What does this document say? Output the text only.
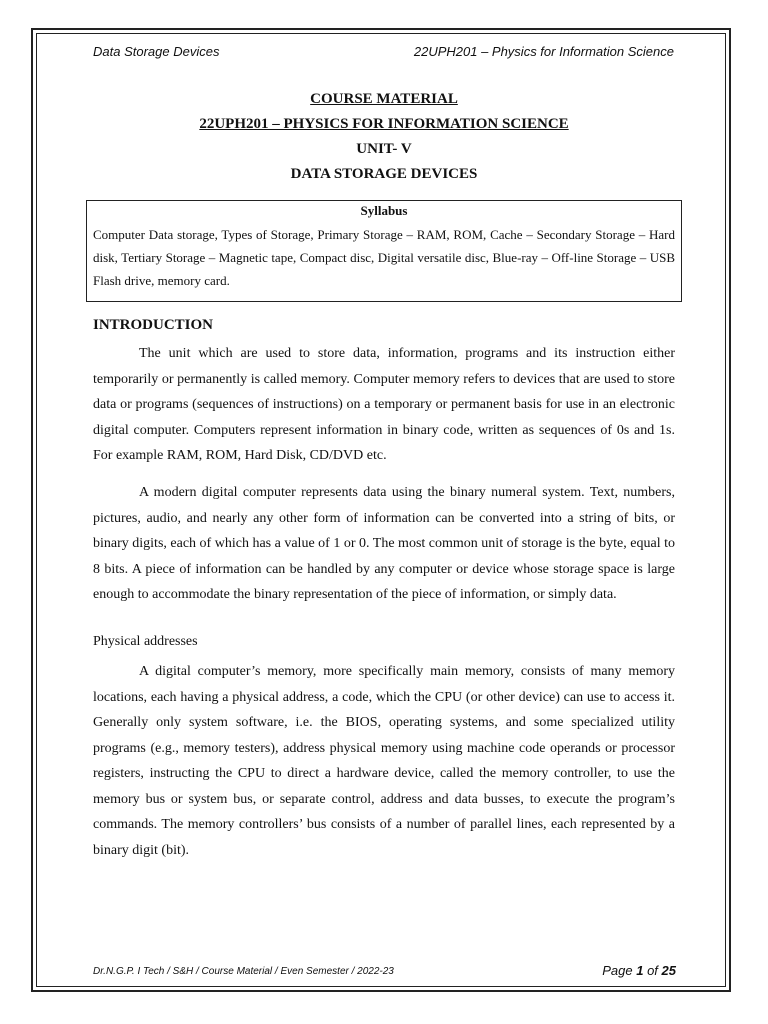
Data Storage Devices	22UPH201 – Physics for Information Science
COURSE MATERIAL
22UPH201 – PHYSICS FOR INFORMATION SCIENCE
UNIT- V
DATA STORAGE DEVICES
Syllabus
Computer Data storage, Types of Storage, Primary Storage – RAM, ROM, Cache – Secondary Storage – Hard disk, Tertiary Storage – Magnetic tape, Compact disc, Digital versatile disc, Blue-ray – Off-line Storage – USB Flash drive, memory card.
INTRODUCTION

The unit which are used to store data, information, programs and its instruction either temporarily or permanently is called memory. Computer memory refers to devices that are used to store data or programs (sequences of instructions) on a temporary or permanent basis for use in an electronic digital computer. Computers represent information in binary code, written as sequences of 0s and 1s. For example RAM, ROM, Hard Disk, CD/DVD etc.

A modern digital computer represents data using the binary numeral system. Text, numbers, pictures, audio, and nearly any other form of information can be converted into a string of bits, or binary digits, each of which has a value of 1 or 0. The most common unit of storage is the byte, equal to 8 bits. A piece of information can be handled by any computer or device whose storage space is large enough to accommodate the binary representation of the piece of information, or simply data.

Physical addresses

A digital computer’s memory, more specifically main memory, consists of many memory locations, each having a physical address, a code, which the CPU (or other device) can use to access it. Generally only system software, i.e. the BIOS, operating systems, and some specialized utility programs (e.g., memory testers), address physical memory using machine code operands or processor registers, instructing the CPU to direct a hardware device, called the memory controller, to use the memory bus or system bus, or separate control, address and data busses, to execute the program’s commands. The memory controllers’ bus consists of a number of parallel lines, each represented by a binary digit (bit).

Dr.N.G.P. I Tech / S&H / Course Material / Even Semester / 2022-23	Page 1 of 25
